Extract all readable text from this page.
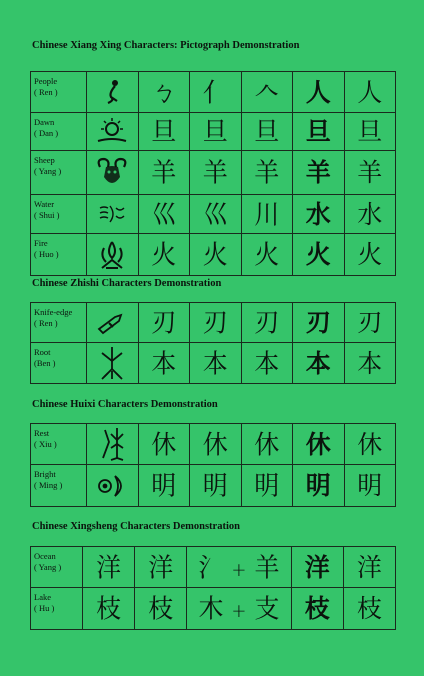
Chinese Xiang Xing Characters: Pictograph Demonstration
People
( Ren )		ㄅ	亻	𠆢	人	人

Dawn
( Dan )		旦	旦	旦	旦	旦

Sheep
( Yang )		羊	羊	羊	羊	羊

Water
( Shui )		巛	巛	川	水	水

Fire
( Huo )		火	火	火	火	火
Chinese Zhishi Characters Demonstration
Knife-edge
( Ren )		刃	刃	刃	刃	刃

Root
(Ben )		本	本	本	本	本
Chinese Huixi Characters Demonstration
Rest
( Xiu )		休	休	休	休	休

Bright
( Ming )		明	明	明	明	明
Chinese Xingsheng Characters Demonstration
Ocean
( Yang )	洋	洋	氵 + 羊	洋	洋

Lake
( Hu )	枝	枝	木 + 支	枝	枝
